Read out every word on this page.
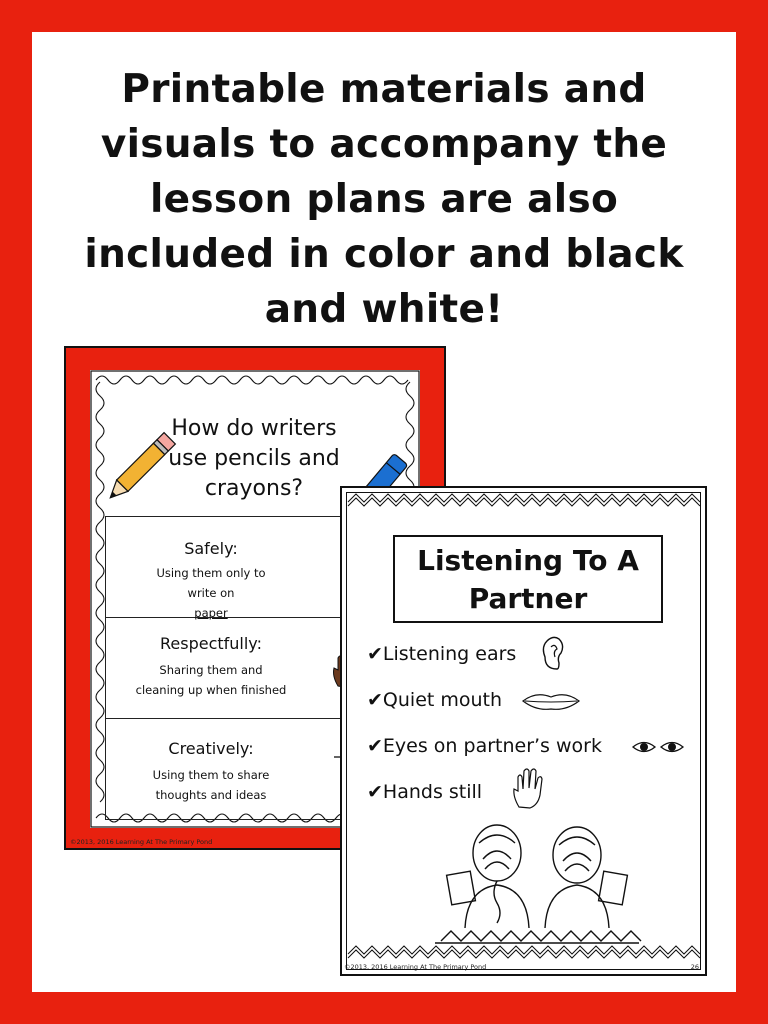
Printable materials and
visuals to accompany the
lesson plans are also
included in color and black
and white!
How do writers
use pencils and
crayons?
Safely:
Using them only to
write on
paper
Respectfully:
Sharing them and
cleaning up when finished
Creatively:
Using them to share
thoughts and ideas
©2013, 2016 Learning At The Primary Pond
Listening To A
Partner
✔Listening ears
✔Quiet mouth
✔Eyes on partner’s work
✔Hands still
©2013, 2016 Learning At The Primary Pond	26
